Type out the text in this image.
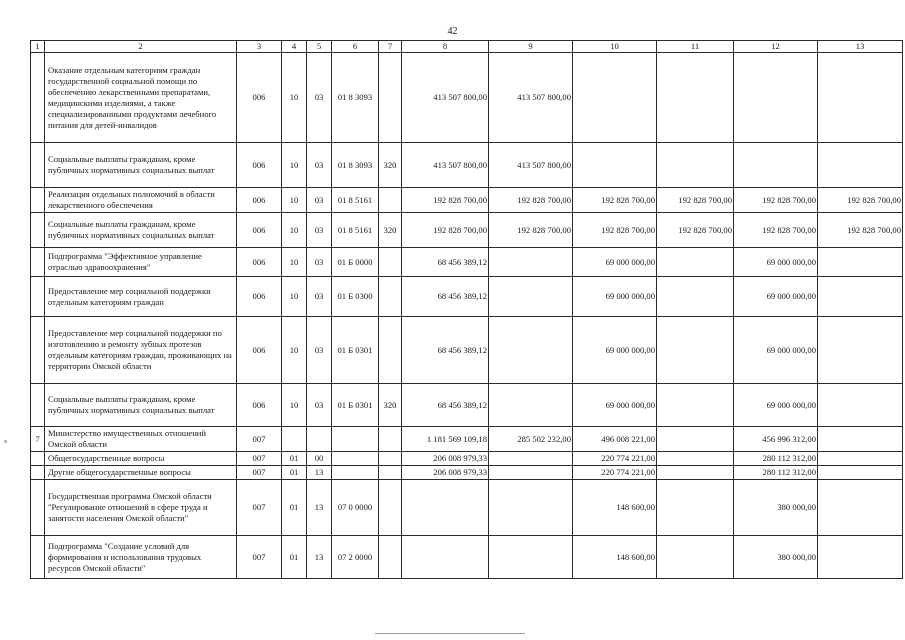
42
1	2	3	4	5	6	7	8	9	10	11	12	13
	Оказание отдельным категориям граждан государственной социальной помощи по обеспечению лекарственными препаратами, медицинскими изделиями, а также специализированными продуктами лечебного питания для детей-инвалидов	006	10	03	01 8 3093		413 507 800,00	413 507 800,00				
	Социальные выплаты гражданам, кроме публичных нормативных социальных выплат	006	10	03	01 8 3093	320	413 507 800,00	413 507 800,00				
	Реализация отдельных полномочий в области лекарственного обеспечения	006	10	03	01 8 5161		192 828 700,00	192 828 700,00	192 828 700,00	192 828 700,00	192 828 700,00	192 828 700,00
	Социальные выплаты гражданам, кроме публичных нормативных социальных выплат	006	10	03	01 8 5161	320	192 828 700,00	192 828 700,00	192 828 700,00	192 828 700,00	192 828 700,00	192 828 700,00
	Подпрограмма "Эффективное управление отраслью здравоохранения"	006	10	03	01 Б 0000		68 456 389,12		69 000 000,00		69 000 000,00	
	Предоставление мер социальной поддержки отдельным категориям граждан	006	10	03	01 Б 0300		68 456 389,12		69 000 000,00		69 000 000,00	
	Предоставление мер социальной поддержки по изготовлению и ремонту зубных протезов отдельным категориям граждан, проживающих на территории Омской области	006	10	03	01 Б 0301		68 456 389,12		69 000 000,00		69 000 000,00	
	Социальные выплаты гражданам, кроме публичных нормативных социальных выплат	006	10	03	01 Б 0301	320	68 456 389,12		69 000 000,00		69 000 000,00	
7	Министерство имущественных отношений Омской области	007					1 181 569 109,18	285 502 232,00	496 008 221,00		456 996 312,00	
	Общегосударственные вопросы	007	01	00			206 008 979,33		220 774 221,00		280 112 312,00	
	Другие общегосударственные вопросы	007	01	13			206 008 979,33		220 774 221,00		280 112 312,00	
	Государственная программа Омской области "Регулирование отношений в сфере труда и занятости населения Омской области"	007	01	13	07 0 0000				148 600,00		380 000,00	
	Подпрограмма "Создание условий для формирования и использования трудовых ресурсов Омской области"	007	01	13	07 2 0000				148 600,00		380 000,00	
